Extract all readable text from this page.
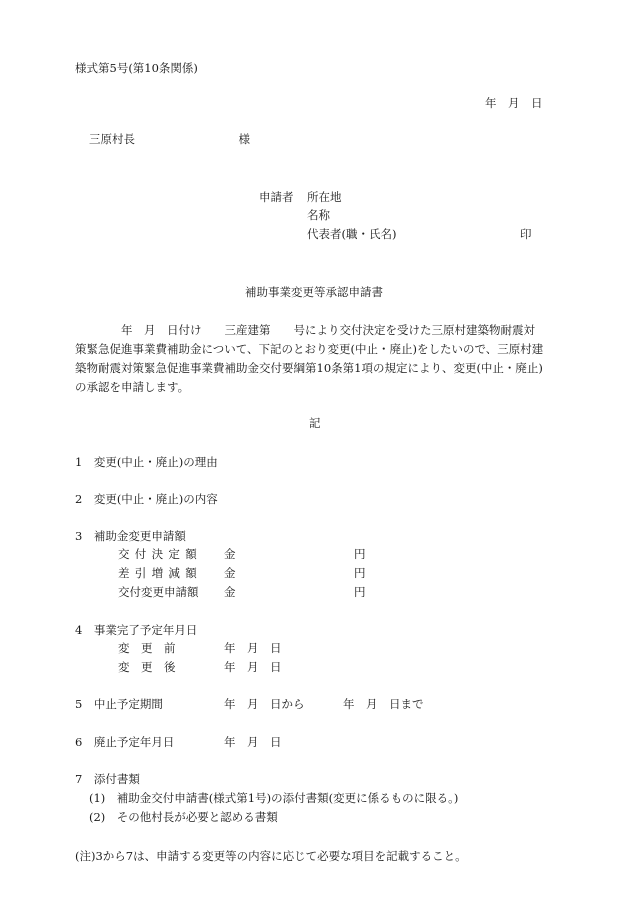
様式第5号(第10条関係)
年　月　日
三原村長　　　　　　　　　様
申請者 所在地
名称
代表者(職・氏名)	印
補助事業変更等承認申請書
　　　　年　月　日付け　　三産建第　　号により交付決定を受けた三原村建築物耐震対
策緊急促進事業費補助金について、下記のとおり変更(中止・廃止)をしたいので、三原村建
築物耐震対策緊急促進事業費補助金交付要綱第10条第1項の規定により、変更(中止・廃止)
の承認を申請します。
記
1　変更(中止・廃止)の理由
2　変更(中止・廃止)の内容
3　補助金変更申請額
交付決定額 金	円
差引増減額 金	円
交付変更申請額 金	円
4　事業完了予定年月日
変　更　前	年　月　日
変　更　後	年　月　日
5　中止予定期間	年　月　日から	年　月　日まで
6　廃止予定年月日	年　月　日
7　添付書類
(1)　補助金交付申請書(様式第1号)の添付書類(変更に係るものに限る。)
(2)　その他村長が必要と認める書類
(注)3から7は、申請する変更等の内容に応じて必要な項目を記載すること。
